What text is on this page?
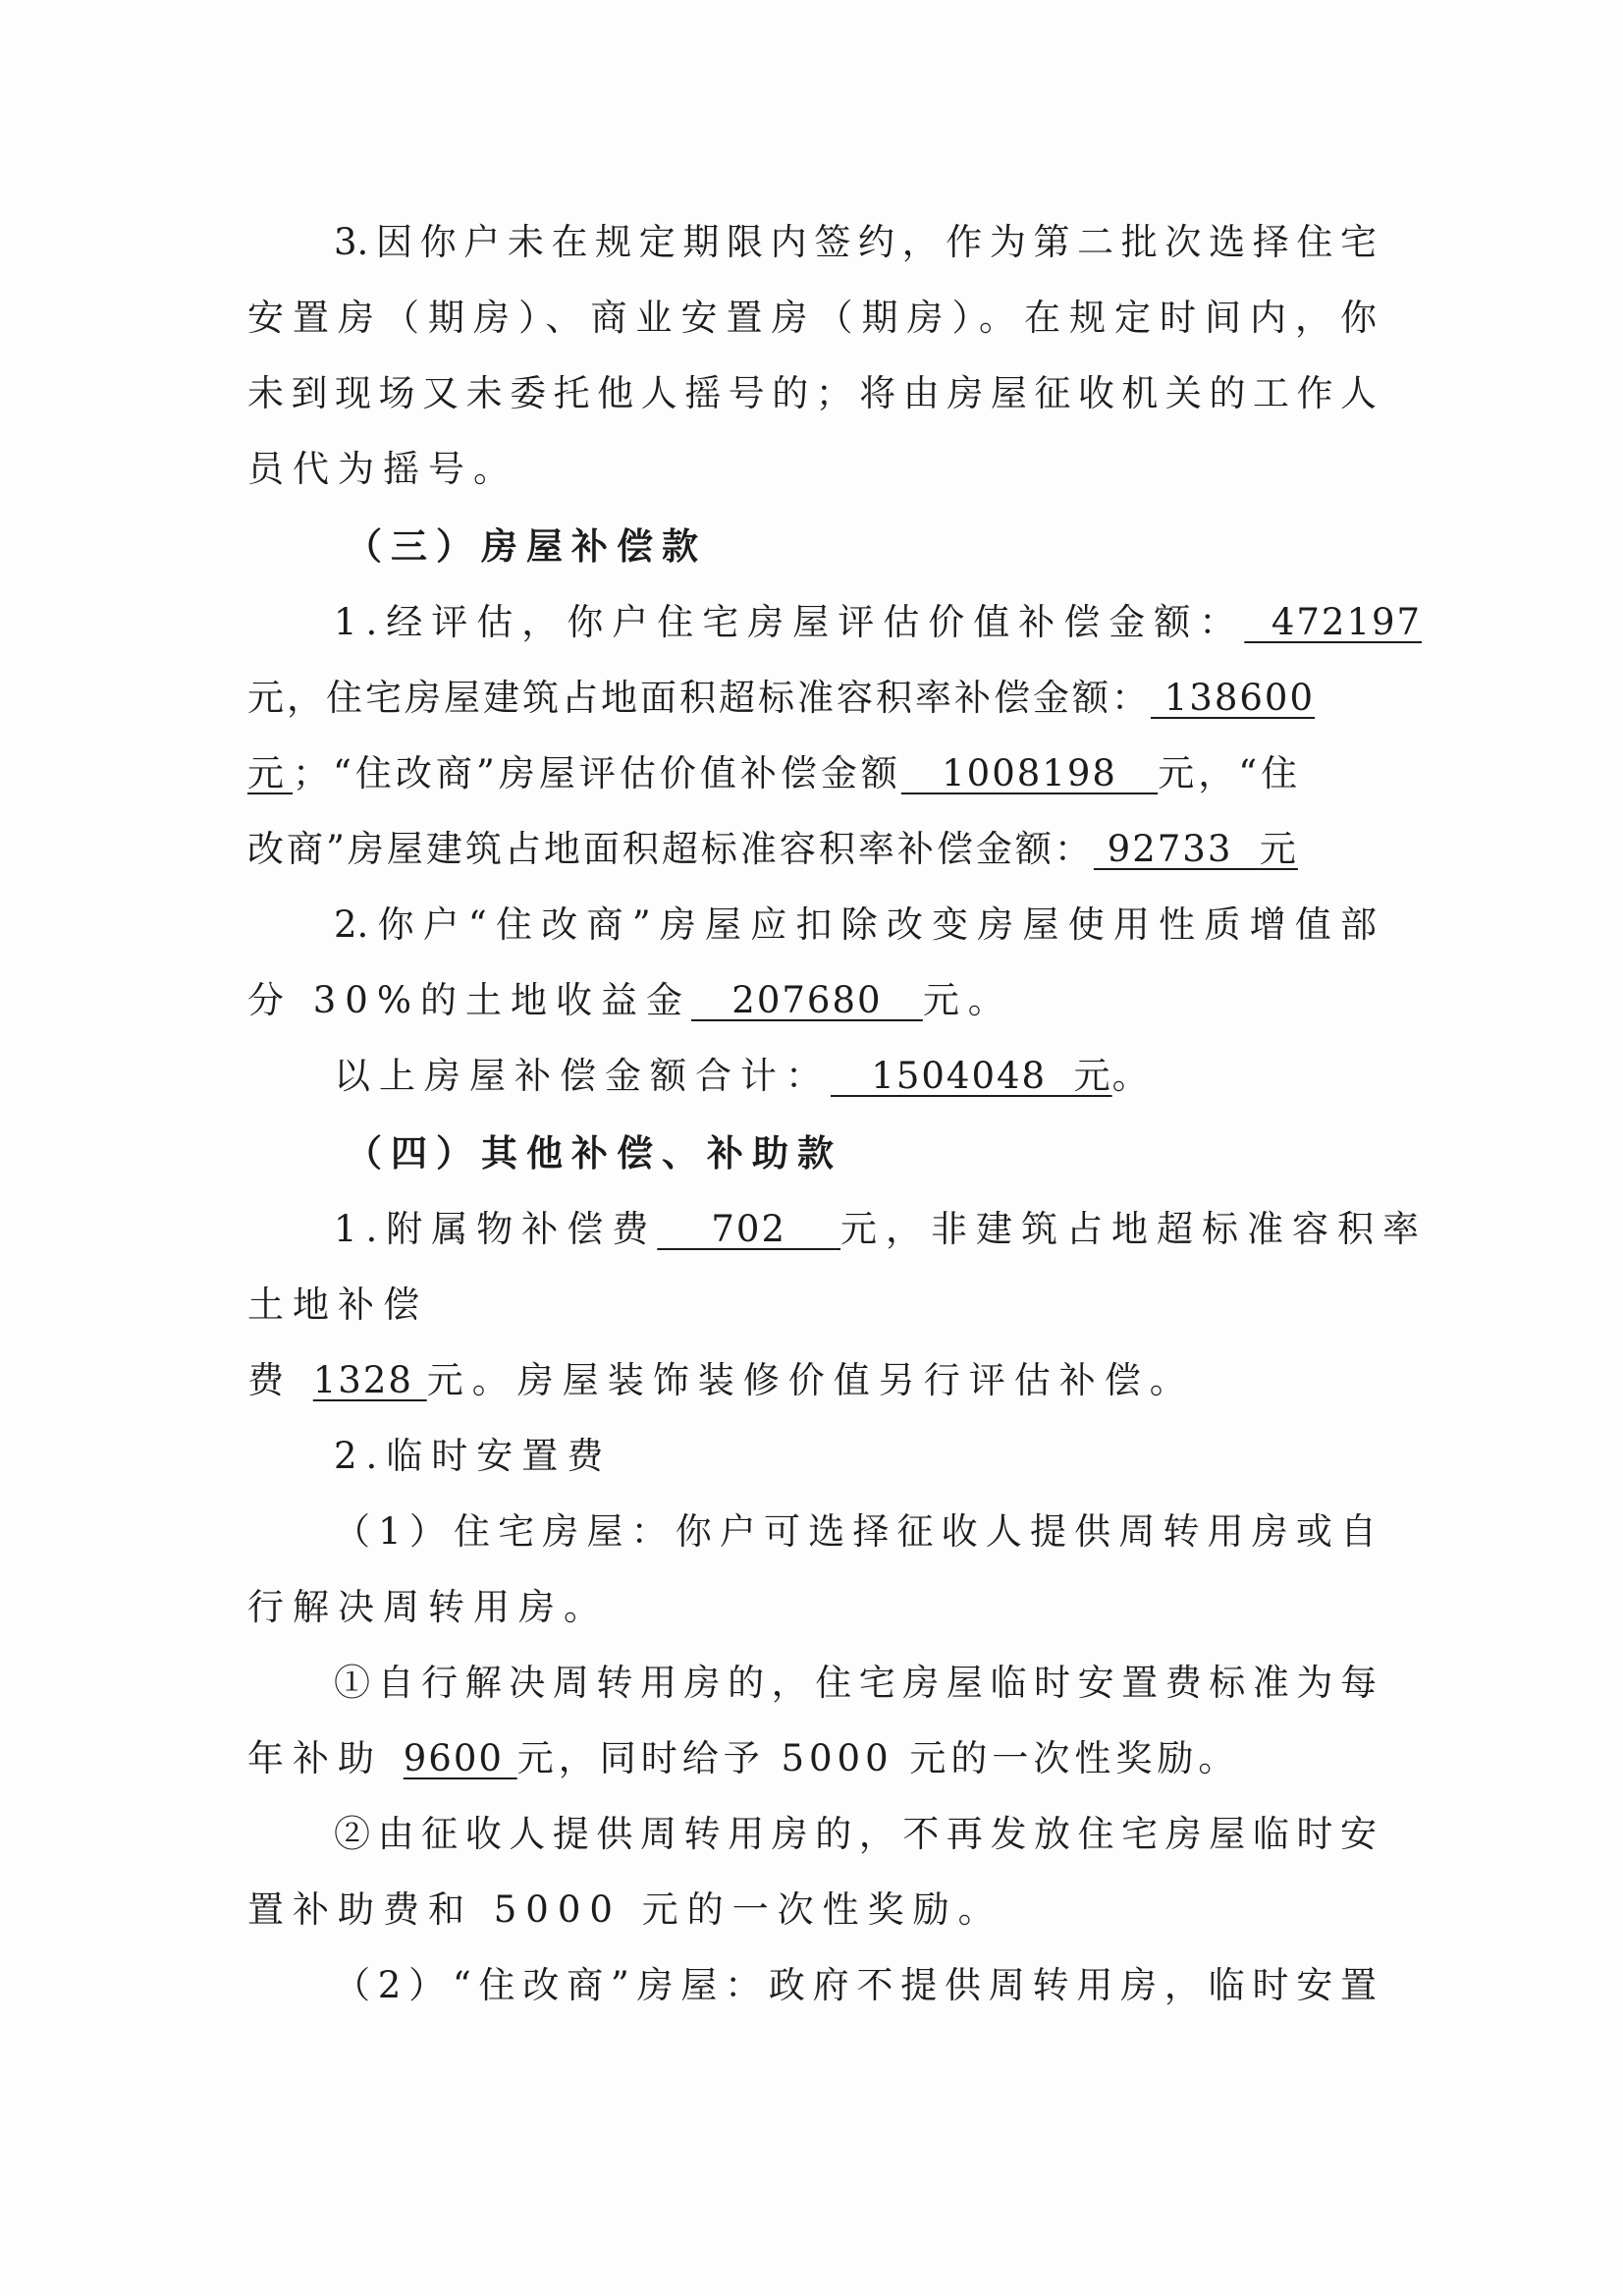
3.因你户未在规定期限内签约，作为第二批次选择住宅
安置房（期房）、商业安置房（期房）。在规定时间内，你
未到现场又未委托他人摇号的；将由房屋征收机关的工作人
员代为摇号。
（三）房屋补偿款
1.经评估，你户住宅房屋评估价值补偿金额：  472197
元，住宅房屋建筑占地面积超标准容积率补偿金额： 138600
元；“住改商”房屋评估价值补偿金额   1008198   元，“住
改商”房屋建筑占地面积超标准容积率补偿金额： 92733  元
2.你户“住改商”房屋应扣除改变房屋使用性质增值部
分 30%的土地收益金   207680   元。
以上房屋补偿金额合计：   1504048  元。
（四）其他补偿、补助款
1.附属物补偿费    702    元，非建筑占地超标准容积率
土地补偿
费 1328 元。房屋装饰装修价值另行评估补偿。
2.临时安置费
（1）住宅房屋：你户可选择征收人提供周转用房或自
行解决周转用房。
①自行解决周转用房的，住宅房屋临时安置费标准为每
年补助 9600 元，同时给予 5000 元的一次性奖励。
②由征收人提供周转用房的，不再发放住宅房屋临时安
置补助费和 5000 元的一次性奖励。
（2）“住改商”房屋：政府不提供周转用房，临时安置
